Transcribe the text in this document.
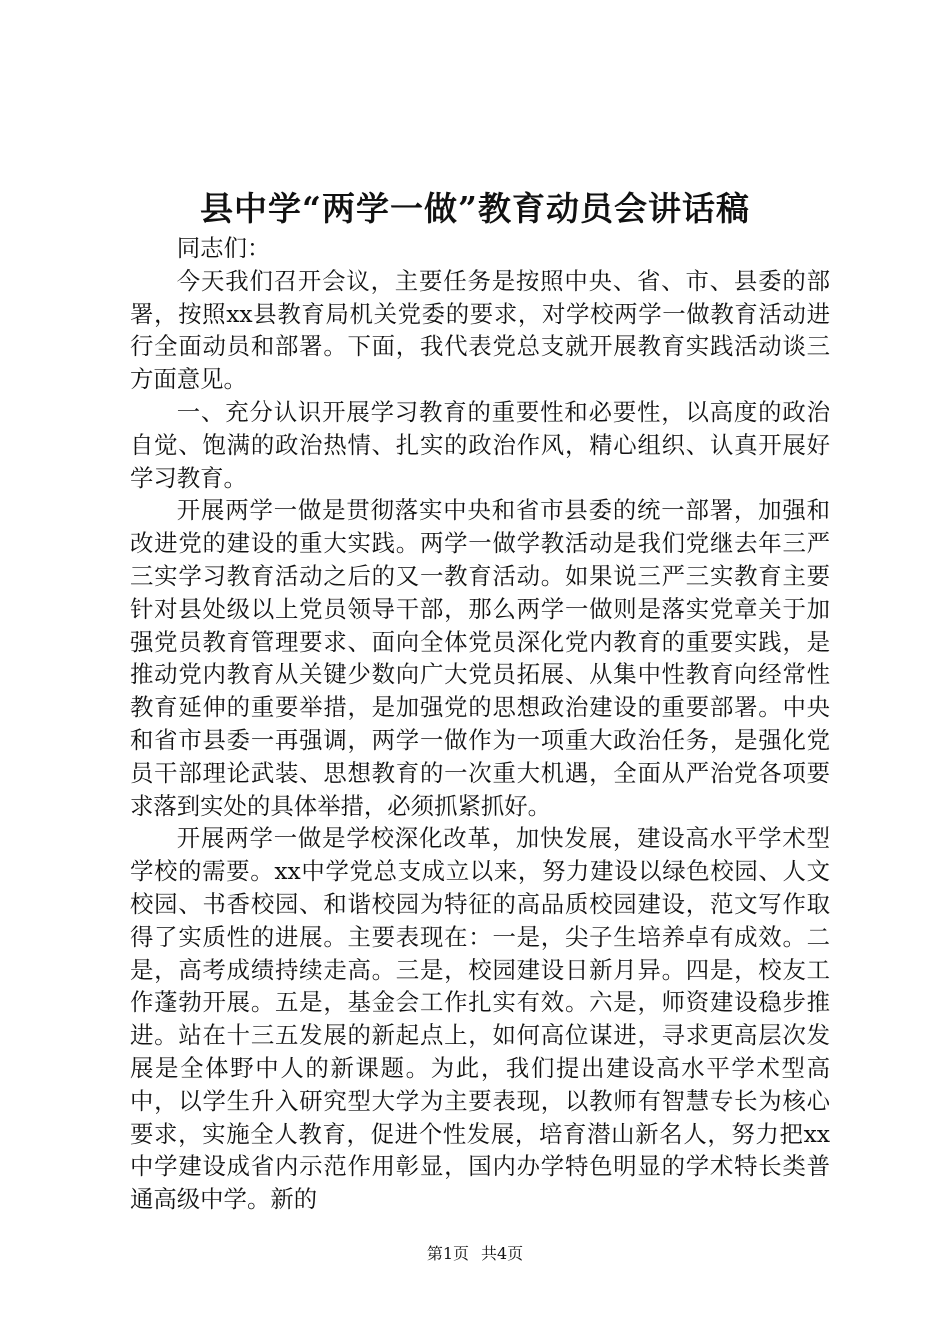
县中学“两学一做”教育动员会讲话稿

同志们：

今天我们召开会议，主要任务是按照中央、省、市、县委的部署，按照xx县教育局机关党委的要求，对学校两学一做教育活动进行全面动员和部署。下面，我代表党总支就开展教育实践活动谈三方面意见。

一、充分认识开展学习教育的重要性和必要性，以高度的政治自觉、饱满的政治热情、扎实的政治作风，精心组织、认真开展好学习教育。

开展两学一做是贯彻落实中央和省市县委的统一部署，加强和改进党的建设的重大实践。两学一做学教活动是我们党继去年三严三实学习教育活动之后的又一教育活动。如果说三严三实教育主要针对县处级以上党员领导干部，那么两学一做则是落实党章关于加强党员教育管理要求、面向全体党员深化党内教育的重要实践，是推动党内教育从关键少数向广大党员拓展、从集中性教育向经常性教育延伸的重要举措，是加强党的思想政治建设的重要部署。中央和省市县委一再强调，两学一做作为一项重大政治任务，是强化党员干部理论武装、思想教育的一次重大机遇，全面从严治党各项要求落到实处的具体举措，必须抓紧抓好。

开展两学一做是学校深化改革，加快发展，建设高水平学术型学校的需要。xx中学党总支成立以来，努力建设以绿色校园、人文校园、书香校园、和谐校园为特征的高品质校园建设，范文写作取得了实质性的进展。主要表现在：一是，尖子生培养卓有成效。二是，高考成绩持续走高。三是，校园建设日新月异。四是，校友工作蓬勃开展。五是，基金会工作扎实有效。六是，师资建设稳步推进。站在十三五发展的新起点上，如何高位谋进，寻求更高层次发展是全体野中人的新课题。为此，我们提出建设高水平学术型高中，以学生升入研究型大学为主要表现，以教师有智慧专长为核心要求，实施全人教育，促进个性发展，培育潜山新名人，努力把xx中学建设成省内示范作用彰显，国内办学特色明显的学术特长类普通高级中学。新的

第1页 共4页
